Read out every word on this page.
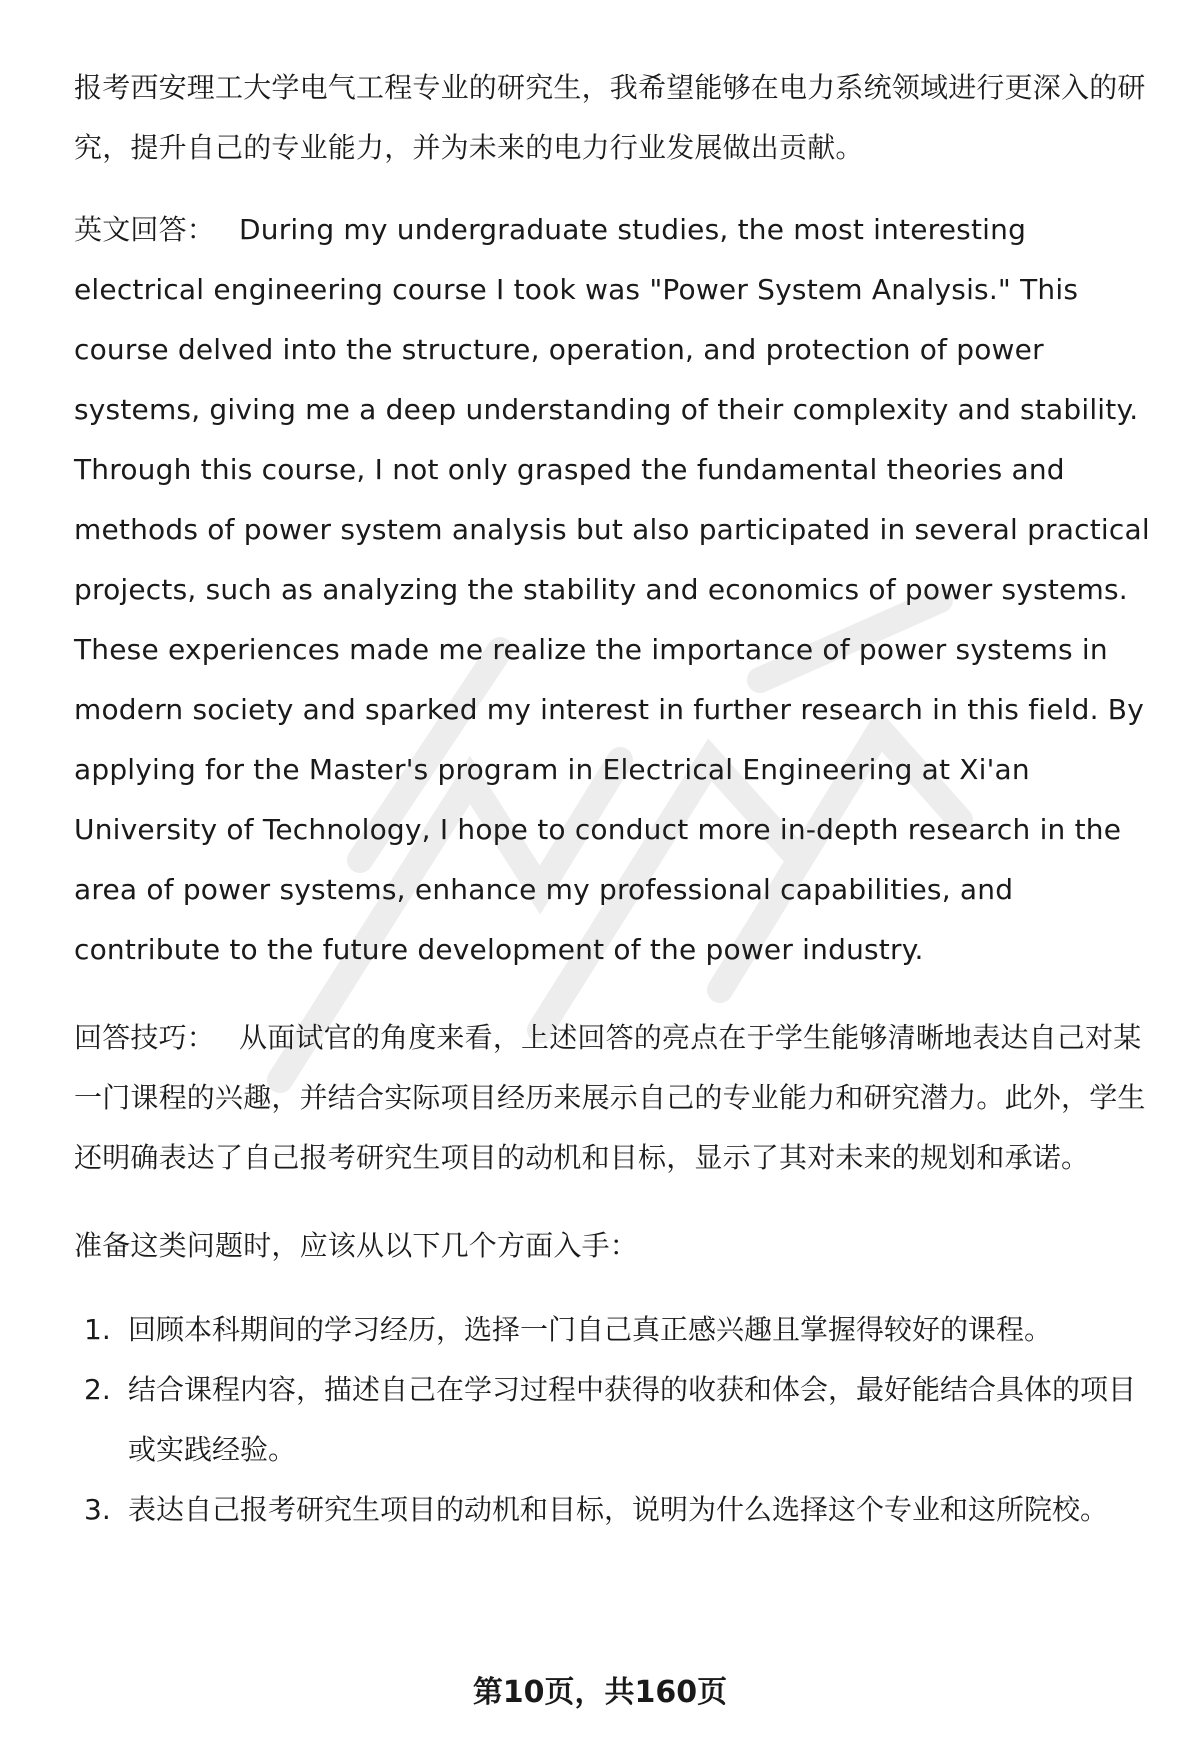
报考西安理工大学电气工程专业的研究生，我希望能够在电力系统领域进行更深入的研究，提升自己的专业能力，并为未来的电力行业发展做出贡献。

英文回答： During my undergraduate studies, the most interesting electrical engineering course I took was "Power System Analysis." This course delved into the structure, operation, and protection of power systems, giving me a deep understanding of their complexity and stability. Through this course, I not only grasped the fundamental theories and methods of power system analysis but also participated in several practical projects, such as analyzing the stability and economics of power systems. These experiences made me realize the importance of power systems in modern society and sparked my interest in further research in this field. By applying for the Master's program in Electrical Engineering at Xi'an University of Technology, I hope to conduct more in-depth research in the area of power systems, enhance my professional capabilities, and contribute to the future development of the power industry.

回答技巧： 从面试官的角度来看，上述回答的亮点在于学生能够清晰地表达自己对某一门课程的兴趣，并结合实际项目经历来展示自己的专业能力和研究潜力。此外，学生还明确表达了自己报考研究生项目的动机和目标，显示了其对未来的规划和承诺。

准备这类问题时，应该从以下几个方面入手：

1. 回顾本科期间的学习经历，选择一门自己真正感兴趣且掌握得较好的课程。
2. 结合课程内容，描述自己在学习过程中获得的收获和体会，最好能结合具体的项目或实践经验。
3. 表达自己报考研究生项目的动机和目标，说明为什么选择这个专业和这所院校。
第10页，共160页
